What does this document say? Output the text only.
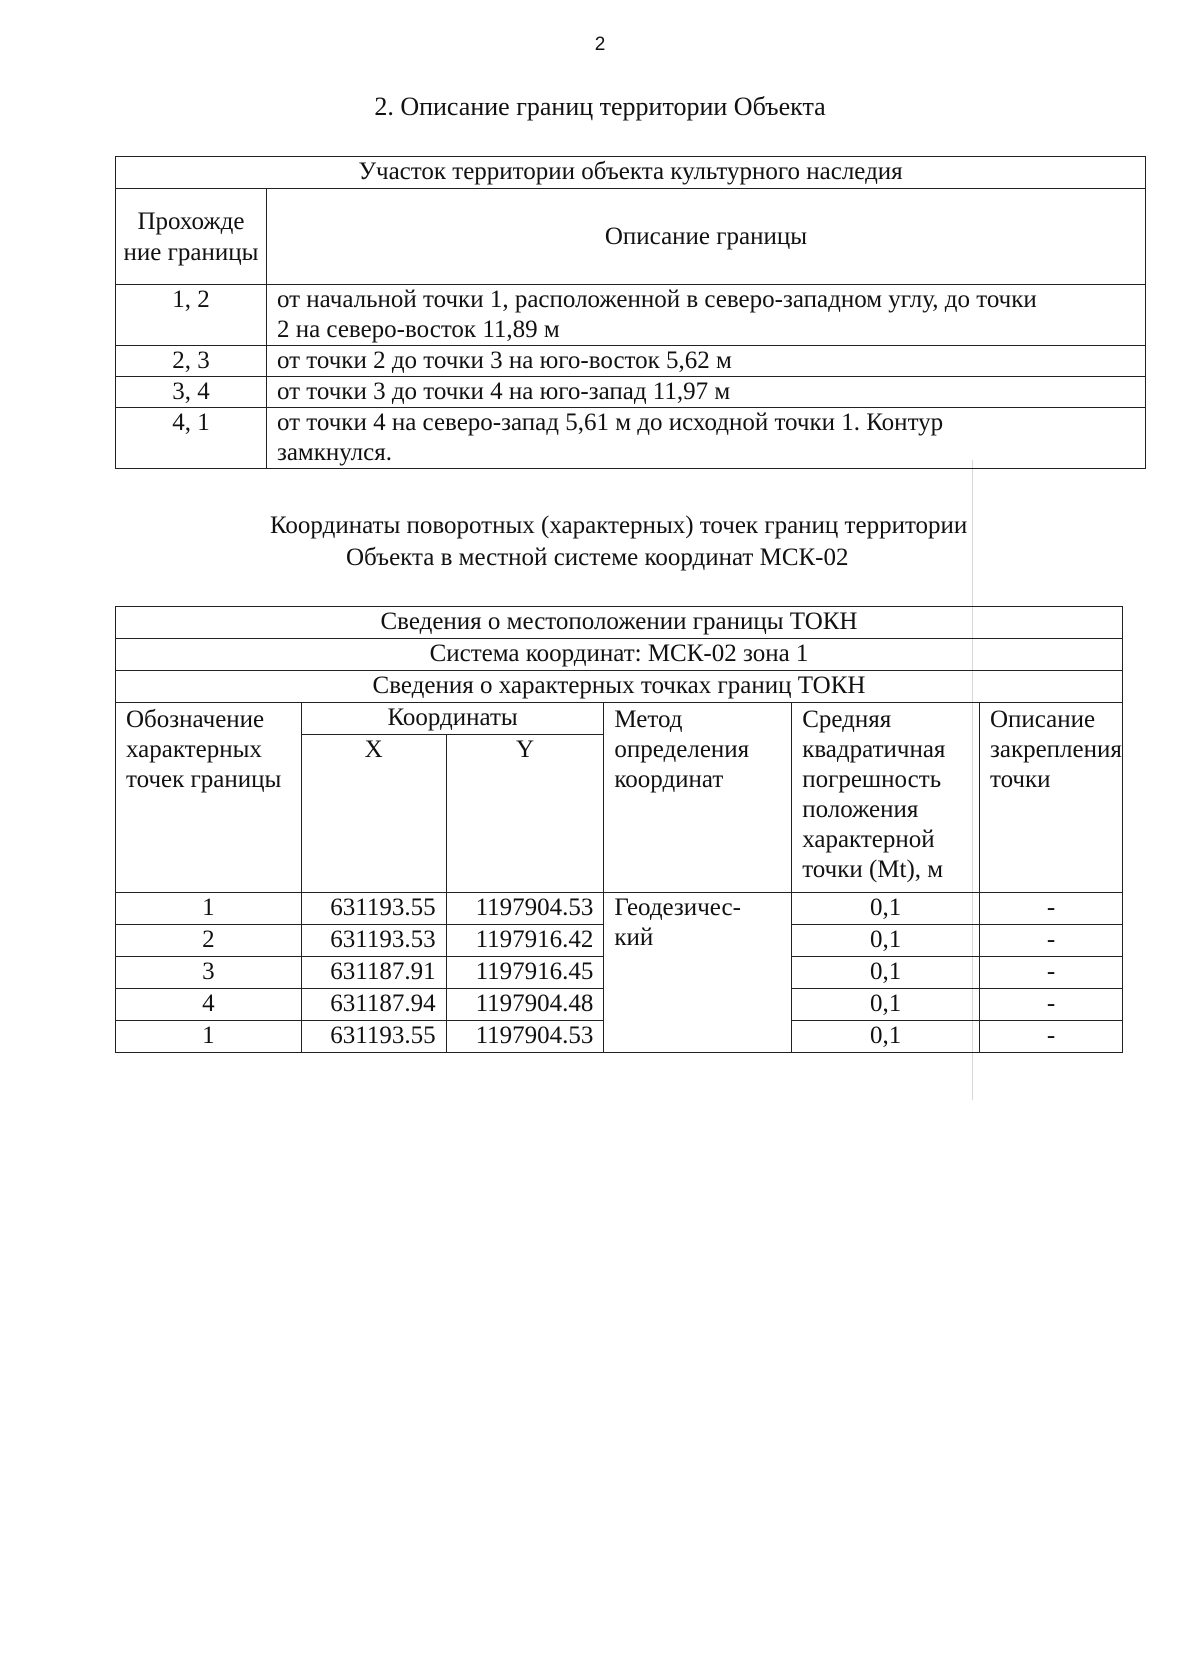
2
2. Описание границ территории Объекта
Участок территории объекта культурного наследия	
Прохожде ние границы	Описание границы
1, 2	от начальной точки 1, расположенной в северо-западном углу, до точки 2 на северо-восток 11,89 м
2, 3	от точки 2 до точки 3 на юго-восток 5,62 м
3, 4	от точки 3 до точки 4 на юго-запад 11,97 м
4, 1	от точки 4 на северо-запад 5,61 м до исходной точки 1. Контур замкнулся.
Координаты поворотных (характерных) точек границ территории
Объекта в местной системе координат МСК-02
Сведения о местоположении границы ТОКН					
Система координат: МСК-02 зона 1					
Сведения о характерных точках границ ТОКН					
Обозначение характерных точек границы	Координаты		Метод определения координат	Средняя квадратичная погрешность положения характерной точки (Mt), м	Описание закрепления точки
	X	Y			
1	631193.55	1197904.53	Геодезичес-кий	0,1	-
2	631193.53	1197916.42		0,1	-
3	631187.91	1197916.45		0,1	-
4	631187.94	1197904.48		0,1	-
1	631193.55	1197904.53		0,1	-
